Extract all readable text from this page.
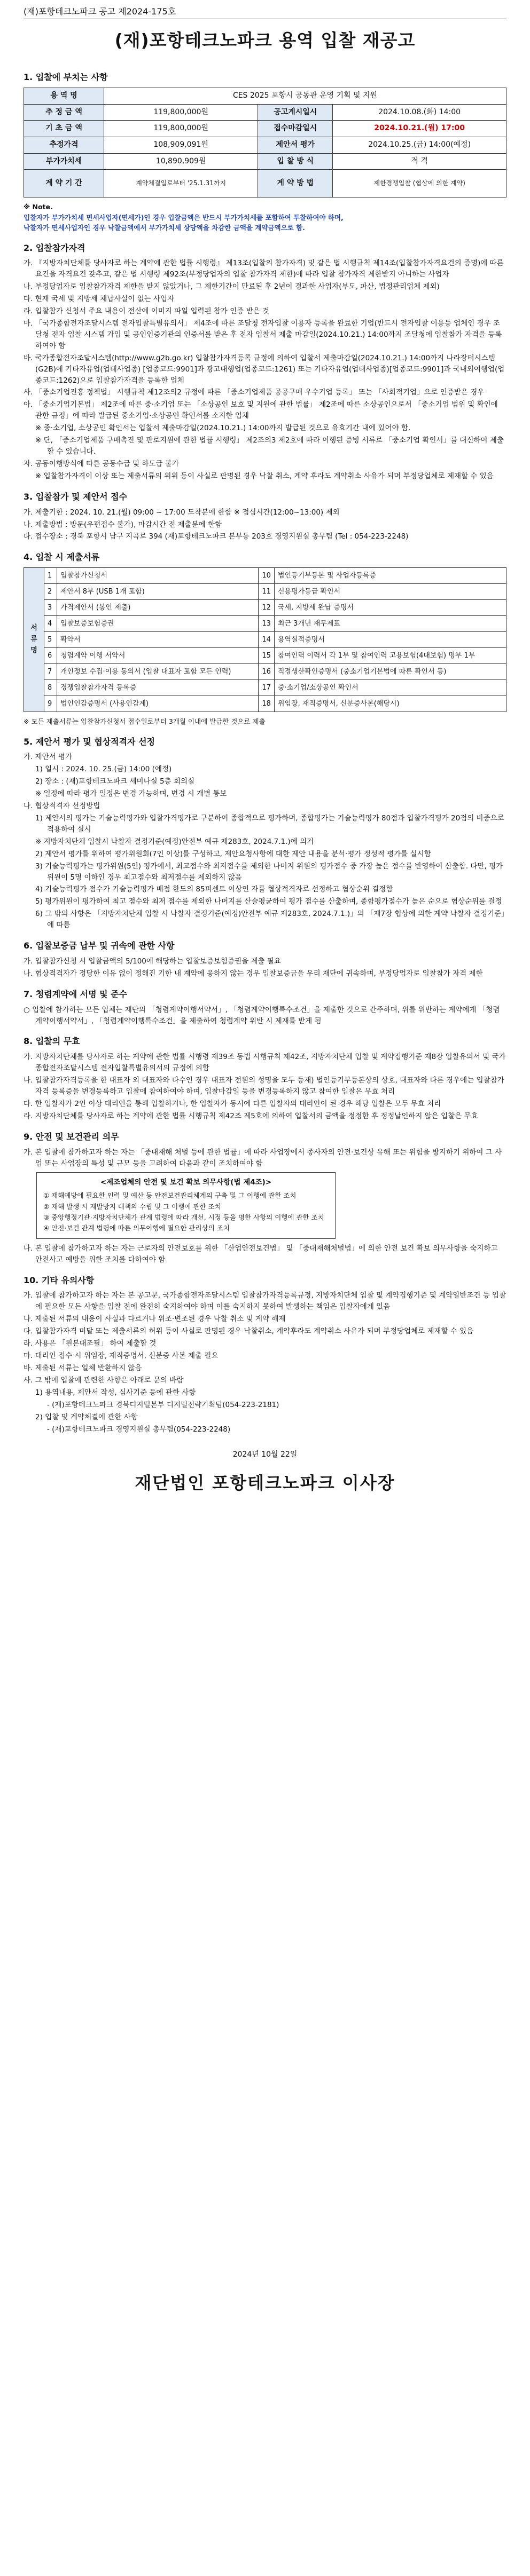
(재)포항테크노파크 공고 제2024-175호
(재)포항테크노파크 용역 입찰 재공고
1. 입찰에 부치는 사항
용 역 명	CES 2025 포항시 공동관 운영 기획 및 지원		
추 정 금 액	119,800,000원	공고게시일시	2024.10.08.(화) 14:00
기 초 금 액	119,800,000원	접수마감일시	2024.10.21.(월) 17:00
추정가격	108,909,091원	제안서 평가	2024.10.25.(금) 14:00(예정)
부가가치세	10,890,909원	입 찰 방 식	적 격
계 약 기 간	계약체결일로부터 '25.1.31까지	계 약 방 법	제한경쟁입찰 (협상에 의한 계약)
※ Note.
입찰자가 부가가치세 면세사업자(면세가)인 경우 입찰금액은 반드시 부가가치세를 포함하여 투찰하여야 하며,
낙찰자가 면세사업자인 경우 낙찰금액에서 부가가치세 상당액을 차감한 금액을 계약금액으로 함.
2. 입찰참가자격

가. 『지방자치단체를 당사자로 하는 계약에 관한 법률 시행령』 제13조(입찰의 참가자격) 및 같은 법 시행규칙 제14조(입찰참가자격요건의 증명)에 따른 요건을 자격요건 갖추고, 같은 법 시행령 제92조(부정당업자의 입찰 참가자격 제한)에 따라 입찰 참가자격 제한받지 아니하는 사업자

나. 부정당업자로 입찰참가자격 제한을 받지 않았거나, 그 제한기간이 만료된 후 2년이 경과한 사업자(부도, 파산, 법정관리업체 제외)

다. 현재 국세 및 지방세 체납사실이 없는 사업자

라. 입찰참가 신청서 주요 내용이 전산에 이미지 파일 입력된 참가 인증 받은 것

마. 「국가종합전자조달시스템 전자입찰특별유의서」 제4조에 따른 조달청 전자입찰 이용자 등록을 완료한 기업(반드시 전자입찰 이용등 업체인 경우 조달청 전자 입찰 시스템 가입 및 공인인증기관의 인증서를 받은 후 전자 입찰서 제출 마감일(2024.10.21.) 14:00까지 조달청에 입찰참가 자격을 등록하여야 함

바. 국가종합전자조달시스템(http://www.g2b.go.kr) 입찰참가자격등록 규정에 의하여 입찰서 제출마감일(2024.10.21.) 14:00까지 나라장터시스템(G2B)에 기타자유업(업태사업종) [업종코드:9901]과 광고대행업(업종코드:1261) 또는 기타자유업(업태사업종)[업종코드:9901]과 국내외여행업(업종코드:1262)으로 입찰참가자격을 등록한 업체

사. 「중소기업진흥 정책법」 시행규칙 제12조의2 규정에 따른 「중소기업제품 공공구매 우수기업 등록」 또는 「사회적기업」으로 인증받은 경우

아. 「중소기업기본법」 제2조에 따른 중·소기업 또는 「소상공인 보호 및 지원에 관한 법률」 제2조에 따른 소상공인으로서 「중소기업 범위 및 확인에 관한 규정」에 따라 발급된 중소기업·소상공인 확인서를 소지한 업체

※ 중·소기업, 소상공인 확인서는 입찰서 제출마감일(2024.10.21.) 14:00까지 발급된 것으로 유효기간 내에 있어야 함.

※ 단, 「중소기업제품 구매촉진 및 판로지원에 관한 법률 시행령」 제2조의3 제2호에 따라 이행된 증빙 서류로 「중소기업 확인서」를 대신하여 제출할 수 있습니다.

자. 공동이행방식에 따른 공동수급 및 하도급 불가

※ 입찰참가자격이 이상 또는 제출서류의 위위 등이 사실로 판명된 경우 낙찰 취소, 계약 후라도 계약취소 사유가 되며 부정당업체로 제재할 수 있음

3. 입찰참가 및 제안서 접수

가. 제출기한 : 2024. 10. 21.(월) 09:00 ~ 17:00 도착분에 한함 ※ 점심시간(12:00~13:00) 제외

나. 제출방법 : 방문(우편접수 불가), 마감시간 전 제출분에 한함

다. 접수장소 : 경북 포항시 남구 지곡로 394 (재)포항테크노파크 본부동 203호 경영지원실 총무팀 (Tel : 054-223-2248)

4. 입찰 시 제출서류
서류명	1	입찰참가신청서	10	법인등기부등본 및 사업자등록증
	2	제안서 8부 (USB 1개 포함)	11	신용평가등급 확인서
	3	가격제안서 (봉인 제출)	12	국세, 지방세 완납 증명서
	4	입찰보증보험증권	13	최근 3개년 재무제표
	5	확약서	14	용역실적증명서
	6	청렴계약 이행 서약서	15	참여인력 이력서 각 1부 및 참여인력 고용보험(4대보험) 명부 1부
	7	개인정보 수집·이용 동의서 (입찰 대표자 포함 모든 인력)	16	직접생산확인증명서 (중소기업기본법에 따른 확인서 등)
	8	경쟁입찰참가자격 등록증	17	중·소기업/소상공인 확인서
	9	법인인감증명서 (사용인감계)	18	위임장, 재직증명서, 신분증사본(해당시)
※ 모든 제출서류는 입찰참가신청서 접수일로부터 3개월 이내에 발급한 것으로 제출
5. 제안서 평가 및 협상적격자 선정

가. 제안서 평가

1) 일시 : 2024. 10. 25.(금) 14:00 (예정)

2) 장소 : (재)포항테크노파크 세미나실 5층 회의실

※ 일정에 따라 평가 일정은 변경 가능하며, 변경 시 개별 통보

나. 협상적격자 선정방법

1) 제안서의 평가는 기술능력평가와 입찰가격평가로 구분하여 종합적으로 평가하며, 종합평가는 기술능력평가 80점과 입찰가격평가 20점의 비중으로 적용하여 실시

※ 지방자치단체 입찰시 낙찰자 결정기준(예정)안전부 예규 제283호, 2024.7.1.)에 의거

2) 제안서 평가를 위하여 평가위원회(7인 이상)를 구성하고, 제안요청사항에 대한 제안 내용을 분석·평가 정성적 평가를 실시함

3) 기술능력평가는 평가위원(5인) 평가에서, 최고점수와 최저점수를 제외한 나머지 위원의 평가점수 중 가장 높은 점수를 반영하여 산출함. 다만, 평가위원이 5명 이하인 경우 최고점수와 최저점수를 제외하지 않음

4) 기술능력평가 점수가 기술능력평가 배점 한도의 85퍼센트 이상인 자를 협상적격자로 선정하고 협상순위 결정함

5) 평가위원이 평가하여 최고 점수와 최저 점수를 제외한 나머지를 산술평균하여 평가 점수를 산출하며, 종합평가점수가 높은 순으로 협상순위를 결정

6) 그 밖의 사항은 「지방자치단체 입찰 시 낙찰자 결정기준(예정)안전부 예규 제283호, 2024.7.1.)」의 「제7장 협상에 의한 계약 낙찰자 결정기준」에 따름

6. 입찰보증금 납부 및 귀속에 관한 사항

가. 입찰참가신청 시 입찰금액의 5/100에 해당하는 입찰보증보험증권을 제출 필요

나. 협상적격자가 정당한 이유 없이 정해진 기한 내 계약에 응하지 않는 경우 입찰보증금을 우리 재단에 귀속하며, 부정당업자로 입찰참가 자격 제한

7. 청렴계약에 서명 및 준수

○ 입찰에 참가하는 모든 업체는 재단의 「청렴계약이행서약서」, 「청렴계약이행특수조건」을 제출한 것으로 간주하며, 위를 위반하는 계약에게 「청렴계약이행서약서」, 「청렴계약이행특수조건」을 제출하여 청렴계약 위반 시 제재를 받게 됨

8. 입찰의 무효

가. 지방자치단체를 당사자로 하는 계약에 관한 법률 시행령 제39조 동법 시행규칙 제42조, 지방자치단체 입찰 및 계약집행기준 제8장 입찰유의서 및 국가종합전자조달시스템 전자입찰특별유의서의 규정에 의함

나. 입찰참가자격등록을 한 대표자 외 대표자와 다수인 경우 대표자 전원의 성명을 모두 등재) 법인등기부등본상의 상호, 대표자와 다른 경우에는 입찰참가자격 등록증을 변경등록하고 입찰에 참여하여야 하며, 입찰마감일 등을 변경등록하지 않고 참여한 입찰은 무효 처리

다. 한 입찰자가 2인 이상 대리인을 통해 입찰하거나, 한 입찰자가 동시에 다른 입찰자의 대리인이 된 경우 해당 입찰은 모두 무효 처리

라. 지방자치단체를 당사자로 하는 계약에 관한 법률 시행규칙 제42조 제5호에 의하여 입찰서의 금액을 정정한 후 정정날인하지 않은 입찰은 무효

9. 안전 및 보건관리 의무

가. 본 입찰에 참가하고자 하는 자는 「중대재해 처벌 등에 관한 법률」에 따라 사업장에서 종사자의 안전·보건상 유해 또는 위험을 방지하기 위하여 그 사업 또는 사업장의 특성 및 규모 등을 고려하여 다음과 같이 조치하여야 함

<제조업체의 안전 및 보건 확보 의무사항(법 제4조)>

① 재해예방에 필요한 인력 및 예산 등 안전보건관리체계의 구축 및 그 이행에 관한 조치

② 재해 발생 시 재발방지 대책의 수립 및 그 이행에 관한 조치

③ 중앙행정기관·지방자치단체가 관계 법령에 따라 개선, 시정 등을 명한 사항의 이행에 관한 조치

④ 안전·보건 관계 법령에 따른 의무이행에 필요한 관리상의 조치

나. 본 입찰에 참가하고자 하는 자는 근로자의 안전보호를 위한 「산업안전보건법」 및 「중대재해처벌법」에 의한 안전 보건 확보 의무사항을 숙지하고 안전사고 예방을 위한 조치를 다하여야 함

10. 기타 유의사항

가. 입찰에 참가하고자 하는 자는 본 공고문, 국가종합전자조달시스템 입찰참가자격등록규정, 지방자치단체 입찰 및 계약집행기준 및 계약일반조건 등 입찰에 필요한 모든 사항을 입찰 전에 완전히 숙지하여야 하며 이를 숙지하지 못하여 발생하는 책임은 입찰자에게 있음

나. 제출된 서류의 내용이 사실과 다르거나 위조·변조된 경우 낙찰 취소 및 계약 해제

다. 입찰참가자격 미달 또는 제출서류의 허위 등이 사실로 판명된 경우 낙찰취소, 계약후라도 계약취소 사유가 되며 부정당업체로 제재할 수 있음

라. 사용은 「원본대조필」 하여 제출할 것

마. 대리인 접수 시 위임장, 재직증명서, 신분증 사본 제출 필요

바. 제출된 서류는 일체 반환하지 않음

사. 그 밖에 입찰에 관련한 사항은 아래로 문의 바람

1) 용역내용, 제안서 작성, 심사기준 등에 관한 사항

- (재)포항테크노파크 경북디지털본부 디지털전략기획팀(054-223-2181)

2) 입찰 및 계약체결에 관한 사항

- (재)포항테크노파크 경영지원실 총무팀(054-223-2248)

2024년 10월 22일
재단법인 포항테크노파크 이사장
